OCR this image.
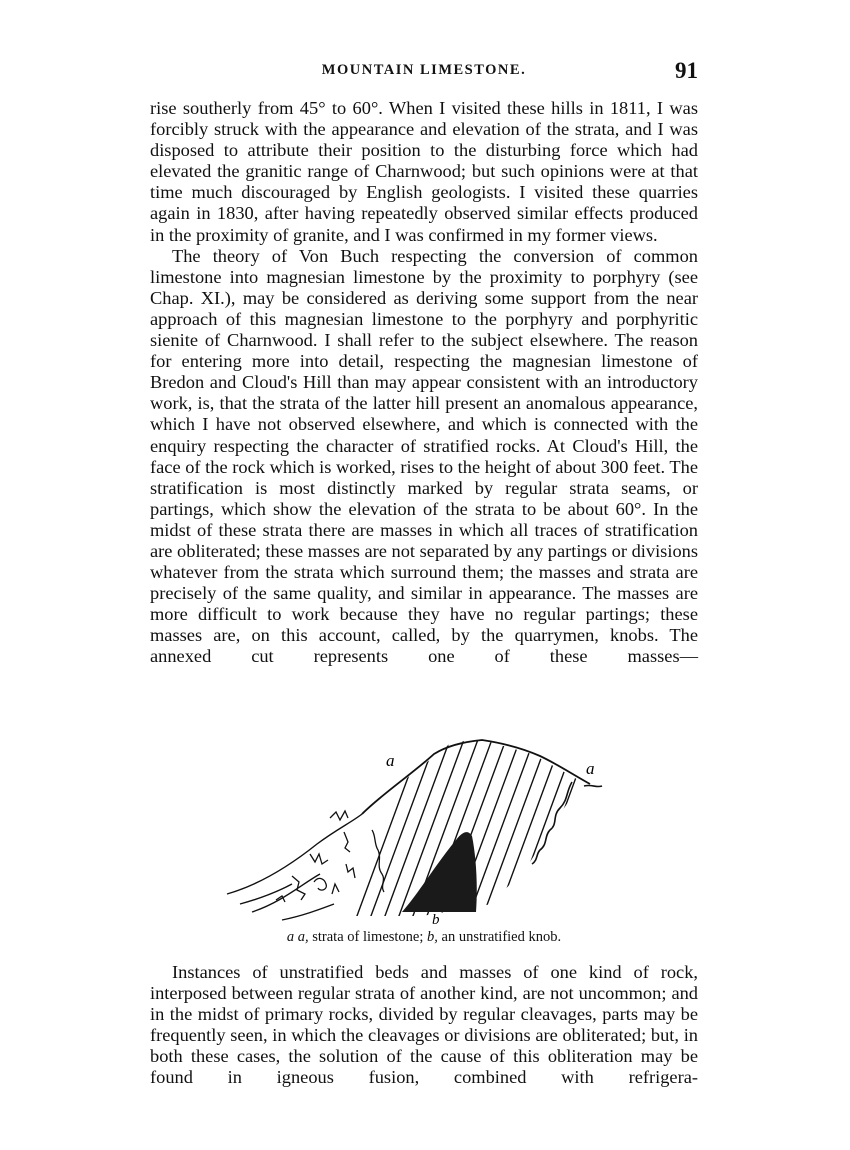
MOUNTAIN LIMESTONE.	91

rise southerly from 45° to 60°. When I visited these hills in 1811, I was forcibly struck with the appearance and elevation of the strata, and I was disposed to attribute their position to the disturbing force which had elevated the granitic range of Charnwood; but such opinions were at that time much discouraged by English geologists. I visited these quarries again in 1830, after having repeatedly observed similar effects produced in the proximity of granite, and I was confirmed in my former views.

The theory of Von Buch respecting the conversion of common limestone into magnesian limestone by the proximity to porphyry (see Chap. XI.), may be considered as deriving some support from the near approach of this magnesian limestone to the porphyry and porphyritic sienite of Charnwood. I shall refer to the subject elsewhere. The reason for entering more into detail, respecting the magnesian limestone of Bredon and Cloud's Hill than may appear consistent with an introductory work, is, that the strata of the latter hill present an anomalous appearance, which I have not observed elsewhere, and which is connected with the enquiry respecting the character of stratified rocks. At Cloud's Hill, the face of the rock which is worked, rises to the height of about 300 feet. The stratification is most distinctly marked by regular strata seams, or partings, which show the elevation of the strata to be about 60°. In the midst of these strata there are masses in which all traces of stratification are obliterated; these masses are not separated by any partings or divisions whatever from the strata which surround them; the masses and strata are precisely of the same quality, and similar in appearance. The masses are more difficult to work because they have no regular partings; these masses are, on this account, called, by the quarrymen, knobs. The annexed cut represents one of these masses—

a	a
b
a a, strata of limestone; b, an unstratified knob.

Instances of unstratified beds and masses of one kind of rock, interposed between regular strata of another kind, are not uncommon; and in the midst of primary rocks, divided by regular cleavages, parts may be frequently seen, in which the cleavages or divisions are obliterated; but, in both these cases, the solution of the cause of this obliteration may be found in igneous fusion, combined with refrigera-
